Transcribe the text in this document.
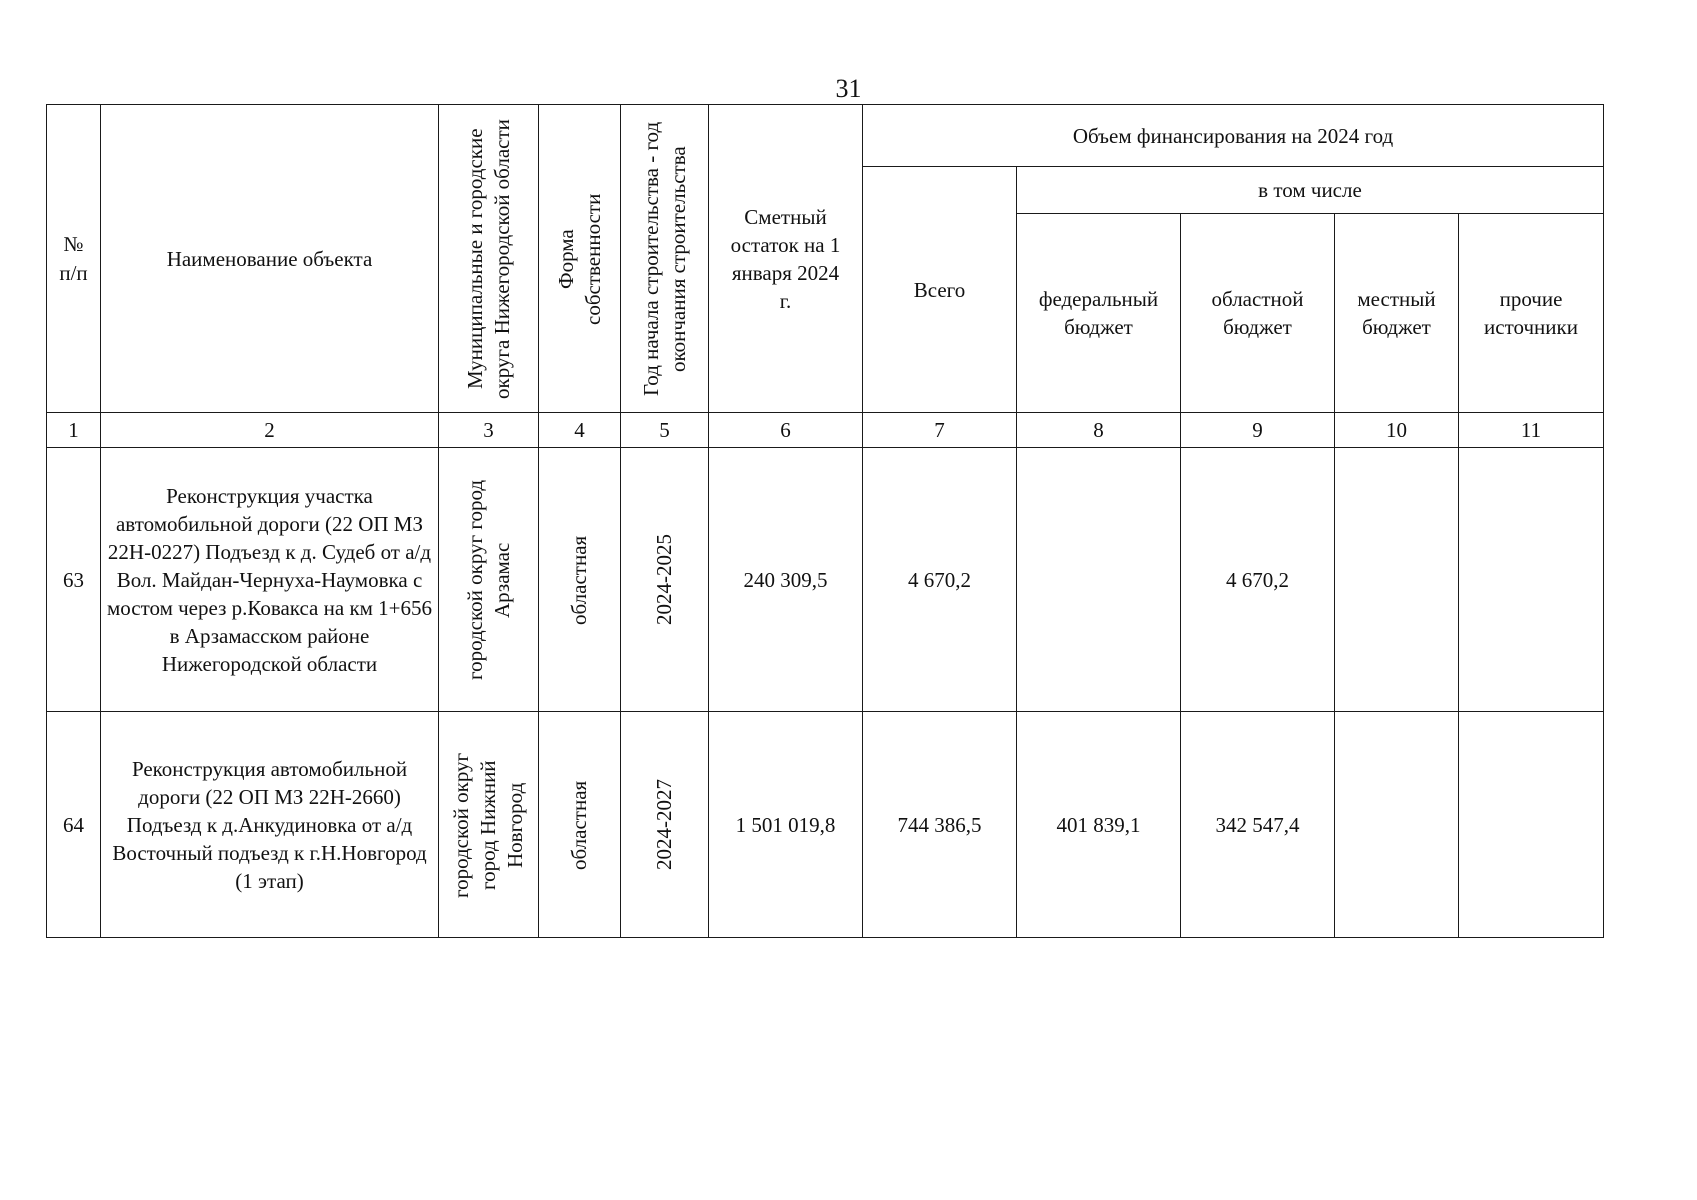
31
№ п/п	Наименование объекта	Муниципальные и городские округа Нижегородской области	Форма собственности	Год начала строительства - год окончания строительства	Сметный остаток на 1 января 2024 г.	Объем финансирования на 2024 год				
						Всего	в том числе			

							федеральный бюджет	областной бюджет	местный бюджет	прочие источники

1	2	3	4	5	6	7	8	9	10	11
63	Реконструкция участка автомобильной дороги (22 ОП МЗ 22Н-0227) Подъезд к д. Судеб от а/д Вол. Майдан-Чернуха-Наумовка с мостом через р.Ковакса на км 1+656 в Арзамасском районе Нижегородской области	городской округ город Арзамас	областная	2024-2025	240 309,5	4 670,2		4 670,2		
64	Реконструкция автомобильной дороги (22 ОП МЗ 22Н-2660) Подъезд к д.Анкудиновка от а/д Восточный подъезд к г.Н.Новгород (1 этап)	городской округ город Нижний Новгород	областная	2024-2027	1 501 019,8	744 386,5	401 839,1	342 547,4		
